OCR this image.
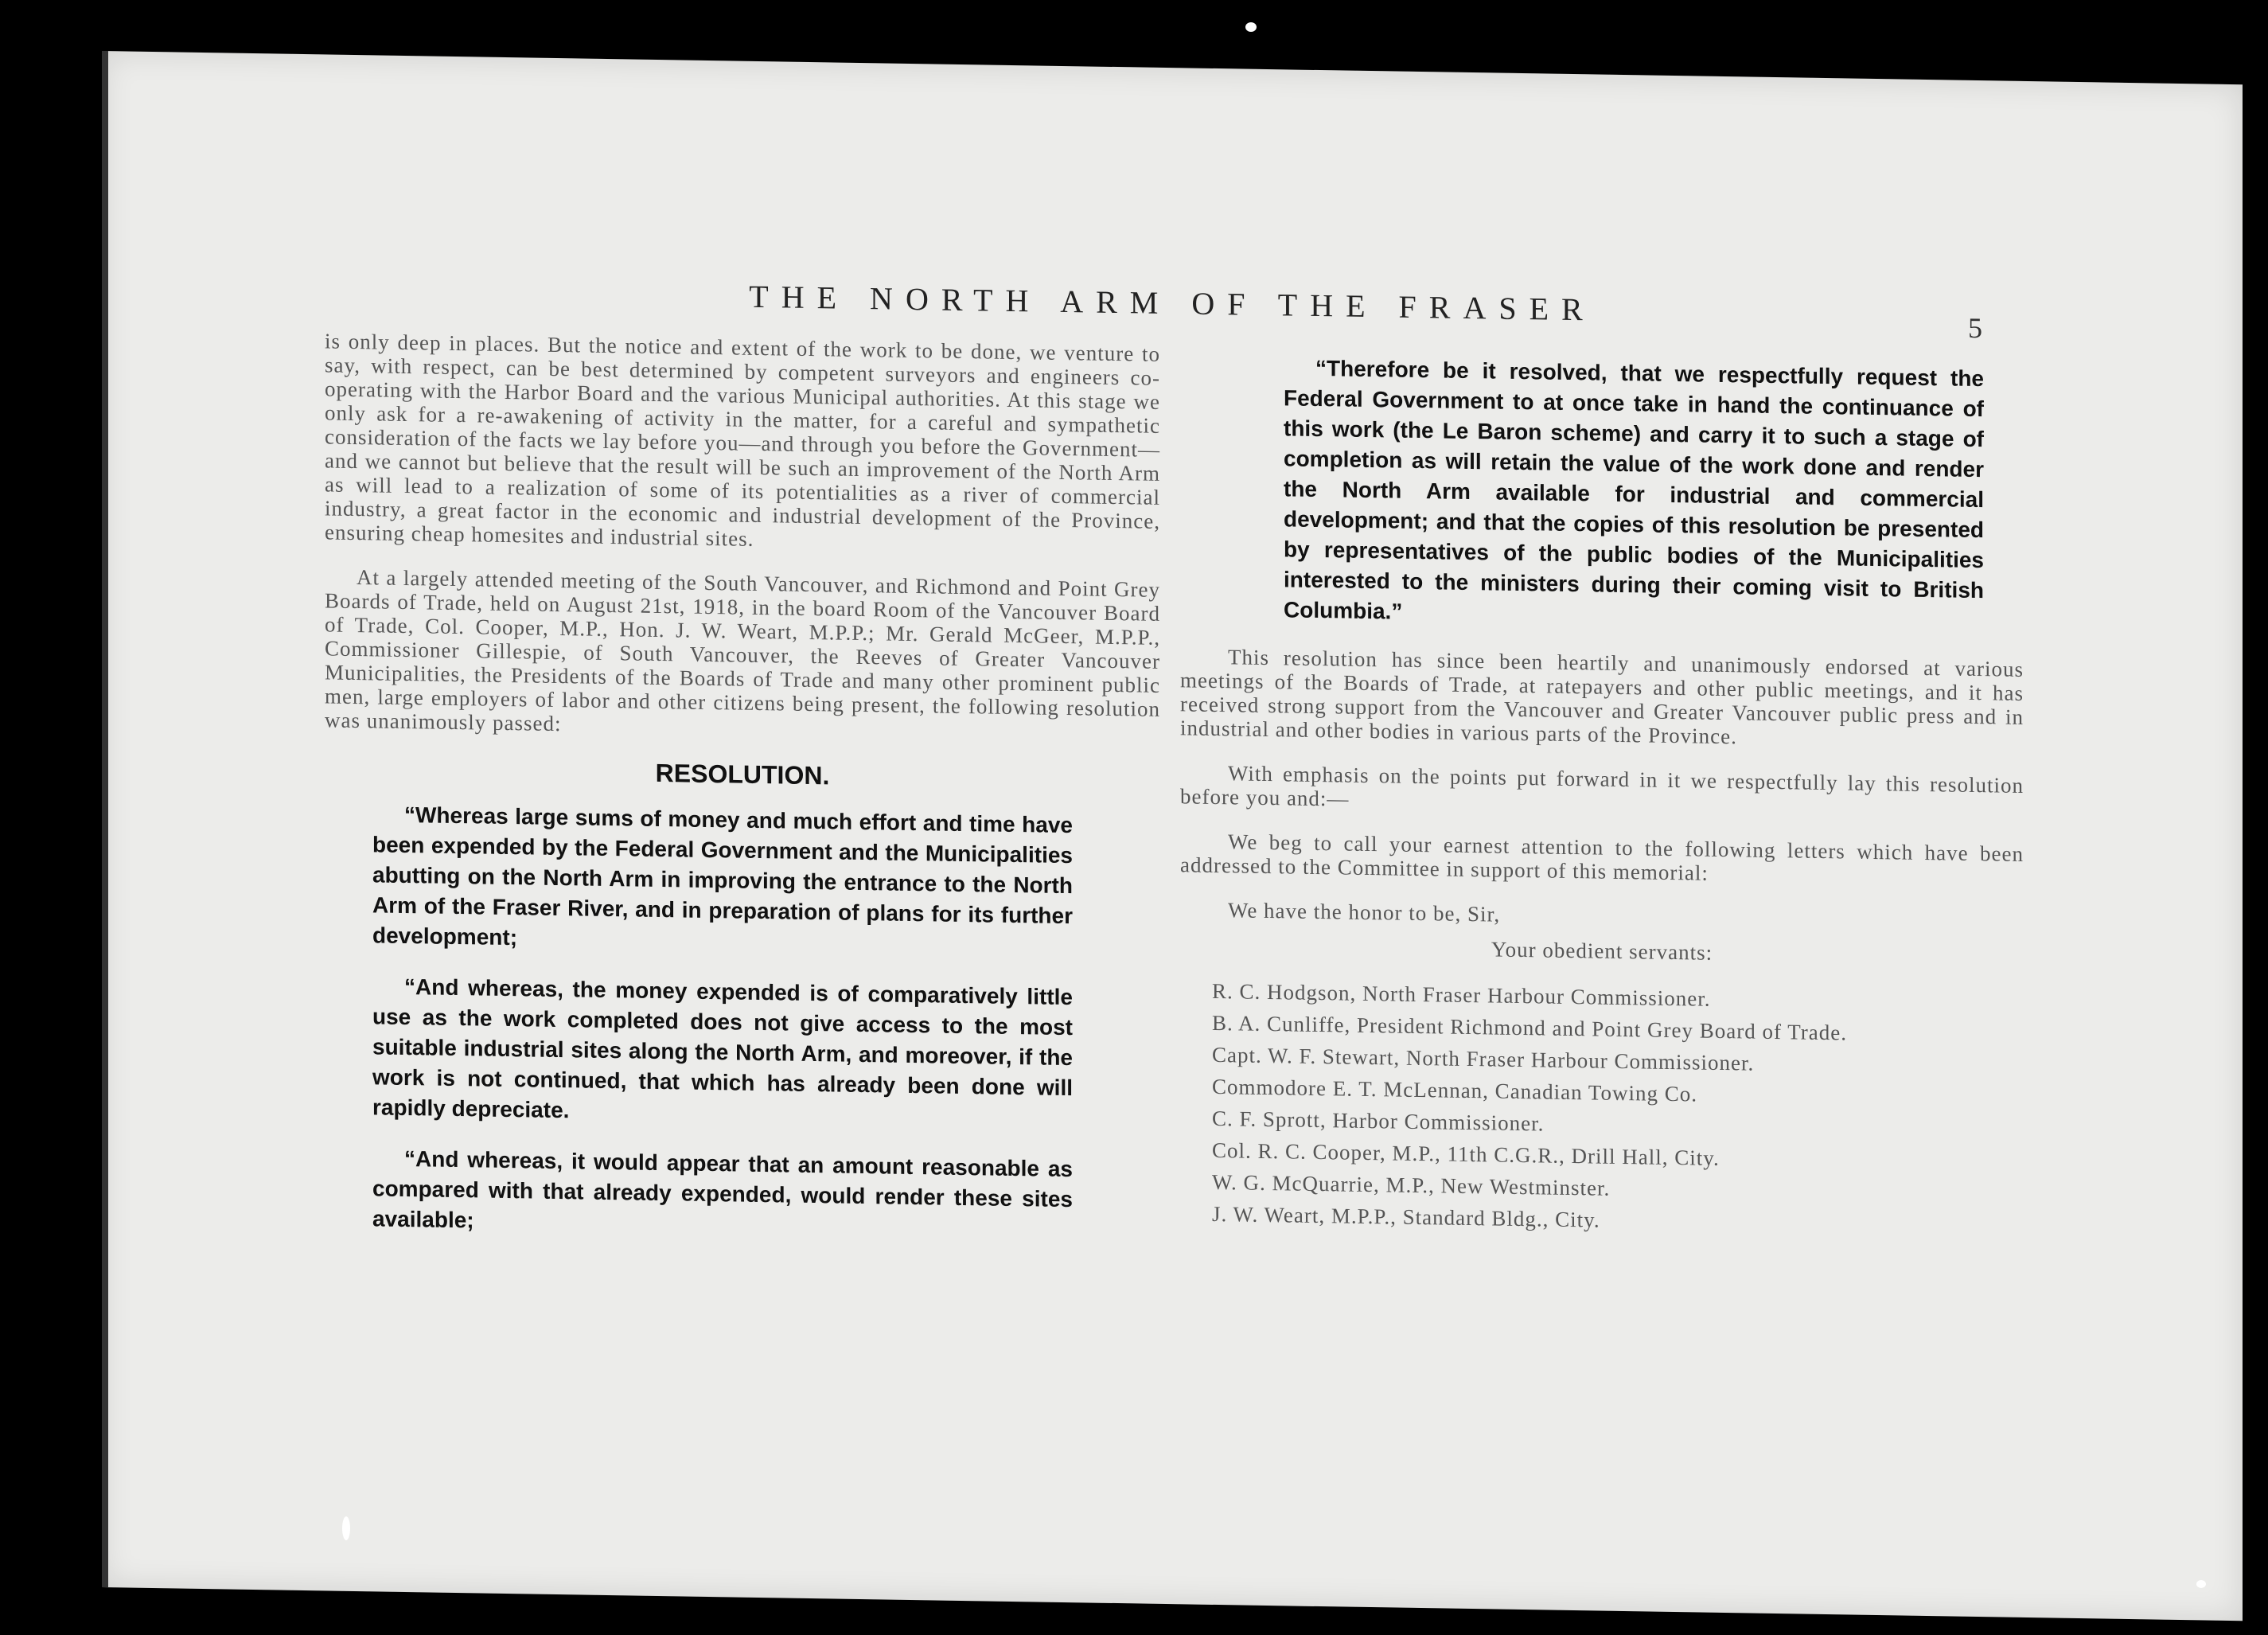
THE NORTH ARM OF THE FRASER
5

is only deep in places. But the notice and extent of the work to be done, we venture to say, with respect, can be best determined by competent surveyors and engineers co-operating with the Harbor Board and the various Municipal authorities. At this stage we only ask for a re-awakening of activity in the matter, for a careful and sympathetic consideration of the facts we lay before you—and through you before the Government—and we cannot but believe that the result will be such an improvement of the North Arm as will lead to a realization of some of its potentialities as a river of commercial industry, a great factor in the economic and industrial development of the Province, ensuring cheap homesites and industrial sites.

At a largely attended meeting of the South Vancouver, and Richmond and Point Grey Boards of Trade, held on August 21st, 1918, in the board Room of the Vancouver Board of Trade, Col. Cooper, M.P., Hon. J. W. Weart, M.P.P.; Mr. Gerald McGeer, M.P.P., Commissioner Gillespie, of South Vancouver, the Reeves of Greater Vancouver Municipalities, the Presidents of the Boards of Trade and many other prominent public men, large employers of labor and other citizens being present, the following resolution was unanimously passed:

RESOLUTION.

“Whereas large sums of money and much effort and time have been expended by the Federal Government and the Municipalities abutting on the North Arm in improving the entrance to the North Arm of the Fraser River, and in preparation of plans for its further development;

“And whereas, the money expended is of comparatively little use as the work completed does not give access to the most suitable industrial sites along the North Arm, and moreover, if the work is not continued, that which has already been done will rapidly depreciate.

“And whereas, it would appear that an amount reasonable as compared with that already expended, would render these sites available;

“Therefore be it resolved, that we respectfully request the Federal Government to at once take in hand the continuance of this work (the Le Baron scheme) and carry it to such a stage of completion as will retain the value of the work done and render the North Arm available for industrial and commercial development; and that the copies of this resolution be presented by representatives of the public bodies of the Municipalities interested to the ministers during their coming visit to British Columbia.”

This resolution has since been heartily and unanimously endorsed at various meetings of the Boards of Trade, at ratepayers and other public meetings, and it has received strong support from the Vancouver and Greater Vancouver public press and in industrial and other bodies in various parts of the Province.

With emphasis on the points put forward in it we respectfully lay this resolution before you and:—

We beg to call your earnest attention to the following letters which have been addressed to the Committee in support of this memorial:

We have the honor to be, Sir,
Your obedient servants:
R. C. Hodgson, North Fraser Harbour Commissioner.
B. A. Cunliffe, President Richmond and Point Grey Board of Trade.
Capt. W. F. Stewart, North Fraser Harbour Commissioner.
Commodore E. T. McLennan, Canadian Towing Co.
C. F. Sprott, Harbor Commissioner.
Col. R. C. Cooper, M.P., 11th C.G.R., Drill Hall, City.
W. G. McQuarrie, M.P., New Westminster.
J. W. Weart, M.P.P., Standard Bldg., City.
